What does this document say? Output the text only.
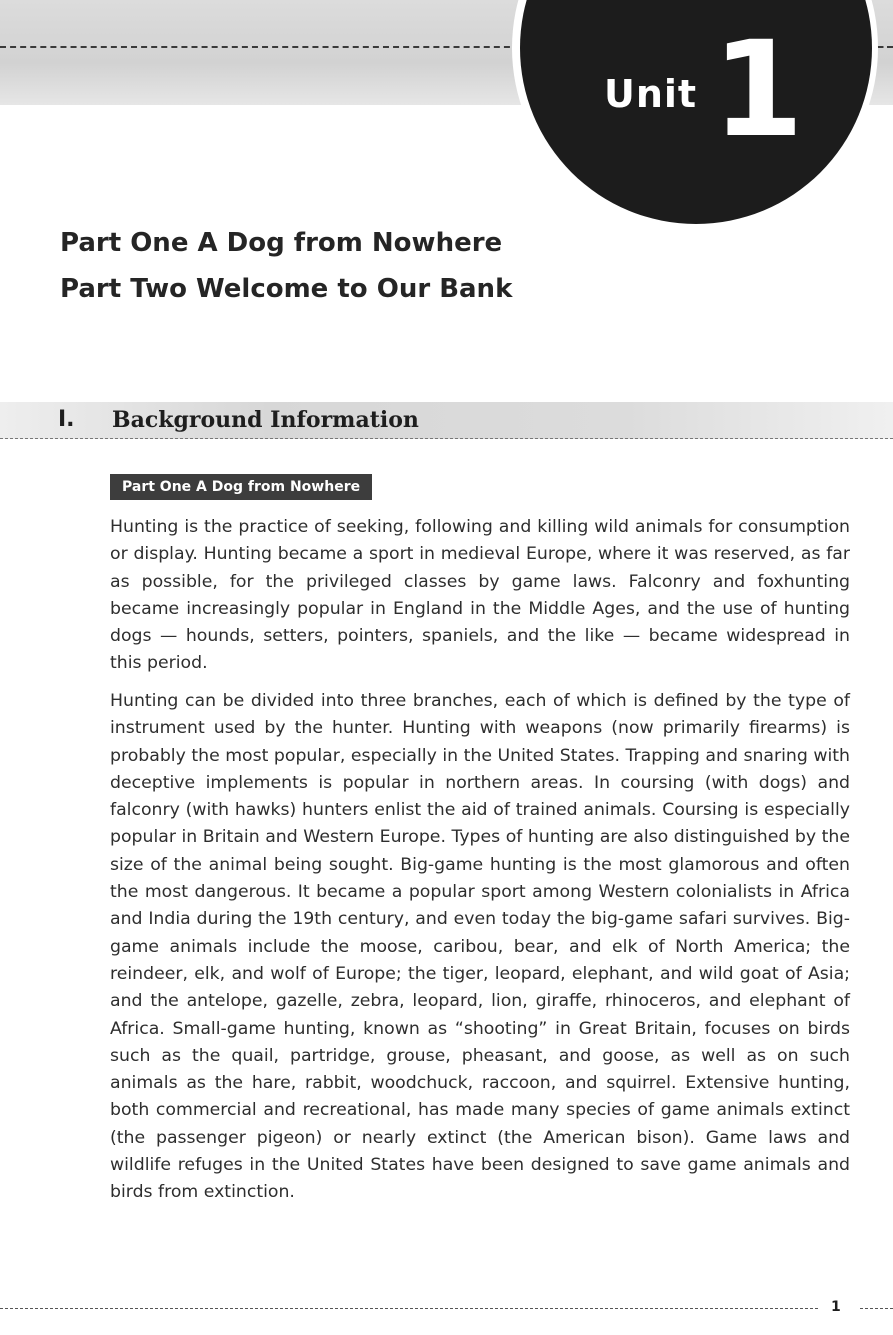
Unit 1
Part One A Dog from Nowhere
Part Two Welcome to Our Bank
I. Background Information
Part One A Dog from Nowhere

Hunting is the practice of seeking, following and killing wild animals for consumption or display. Hunting became a sport in medieval Europe, where it was reserved, as far as possible, for the privileged classes by game laws. Falconry and foxhunting became increasingly popular in England in the Middle Ages, and the use of hunting dogs — hounds, setters, pointers, spaniels, and the like — became widespread in this period.

Hunting can be divided into three branches, each of which is defined by the type of instrument used by the hunter. Hunting with weapons (now primarily firearms) is probably the most popular, especially in the United States. Trapping and snaring with deceptive implements is popular in northern areas. In coursing (with dogs) and falconry (with hawks) hunters enlist the aid of trained animals. Coursing is especially popular in Britain and Western Europe. Types of hunting are also distinguished by the size of the animal being sought. Big-game hunting is the most glamorous and often the most dangerous. It became a popular sport among Western colonialists in Africa and India during the 19th century, and even today the big-game safari survives. Big-game animals include the moose, caribou, bear, and elk of North America; the reindeer, elk, and wolf of Europe; the tiger, leopard, elephant, and wild goat of Asia; and the antelope, gazelle, zebra, leopard, lion, giraffe, rhinoceros, and elephant of Africa. Small-game hunting, known as “shooting” in Great Britain, focuses on birds such as the quail, partridge, grouse, pheasant, and goose, as well as on such animals as the hare, rabbit, woodchuck, raccoon, and squirrel. Extensive hunting, both commercial and recreational, has made many species of game animals extinct (the passenger pigeon) or nearly extinct (the American bison). Game laws and wildlife refuges in the United States have been designed to save game animals and birds from extinction.

1
